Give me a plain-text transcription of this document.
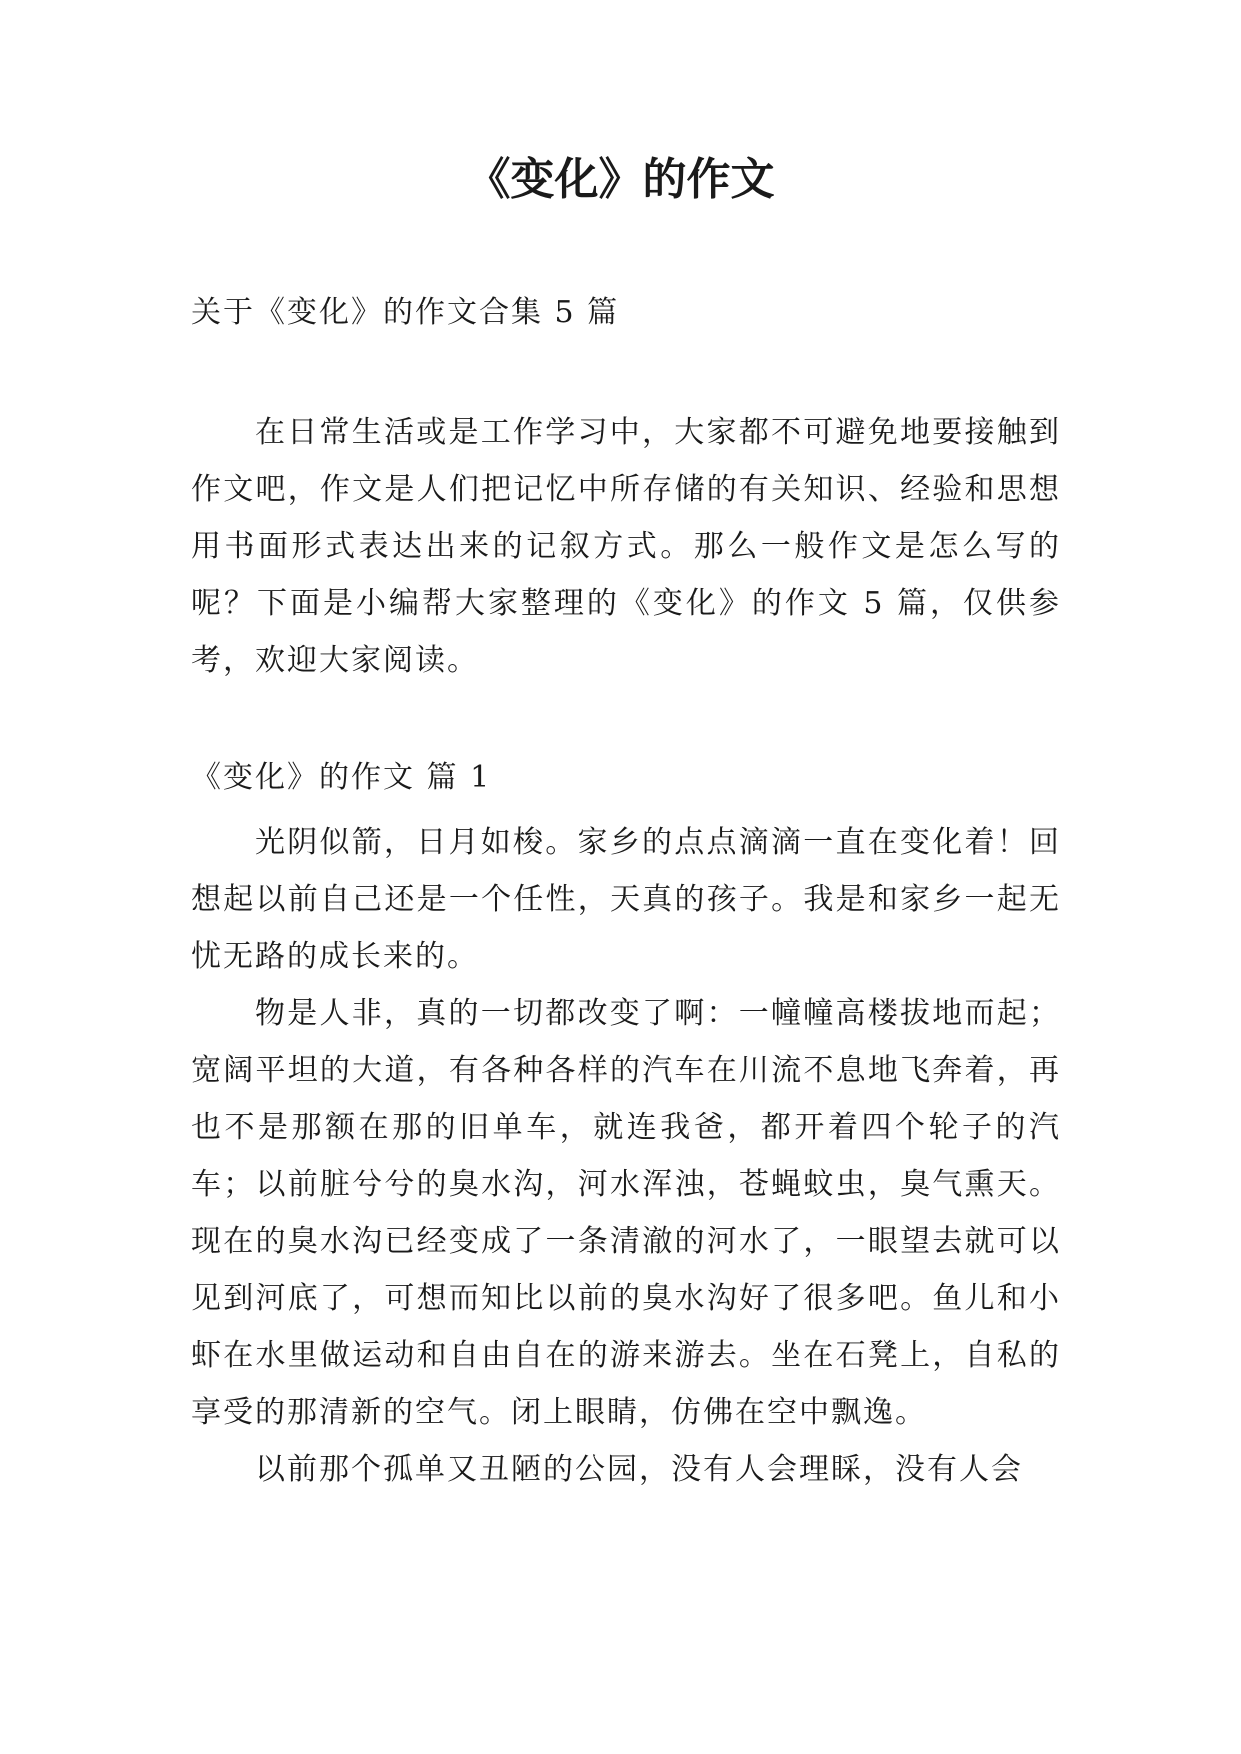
《变化》的作文
关于《变化》的作文合集 5 篇

在日常生活或是工作学习中，大家都不可避免地要接触到作文吧，作文是人们把记忆中所存储的有关知识、经验和思想用书面形式表达出来的记叙方式。那么一般作文是怎么写的呢？下面是小编帮大家整理的《变化》的作文 5 篇，仅供参考，欢迎大家阅读。

《变化》的作文 篇 1

光阴似箭，日月如梭。家乡的点点滴滴一直在变化着！回想起以前自己还是一个任性，天真的孩子。我是和家乡一起无忧无路的成长来的。

物是人非，真的一切都改变了啊：一幢幢高楼拔地而起；宽阔平坦的大道，有各种各样的汽车在川流不息地飞奔着，再也不是那额在那的旧单车，就连我爸，都开着四个轮子的汽车；以前脏兮兮的臭水沟，河水浑浊，苍蝇蚊虫，臭气熏天。现在的臭水沟已经变成了一条清澈的河水了，一眼望去就可以见到河底了，可想而知比以前的臭水沟好了很多吧。鱼儿和小虾在水里做运动和自由自在的游来游去。坐在石凳上，自私的享受的那清新的空气。闭上眼睛，仿佛在空中飘逸。

以前那个孤单又丑陋的公园，没有人会理睬，没有人会
